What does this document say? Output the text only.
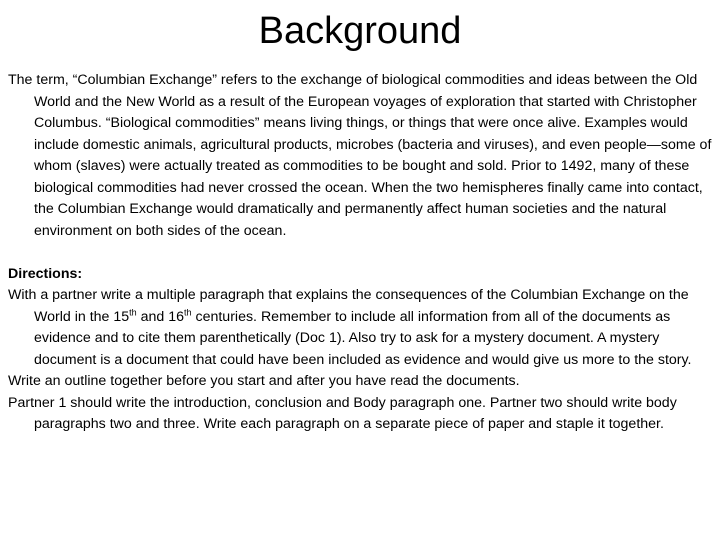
Background

The term, “Columbian Exchange” refers to the exchange of biological commodities and ideas between the Old World and the New World as a result of the European voyages of exploration that started with Christopher Columbus. “Biological commodities” means living things, or things that were once alive. Examples would include domestic animals, agricultural products, microbes (bacteria and viruses), and even people—some of whom (slaves) were actually treated as commodities to be bought and sold. Prior to 1492, many of these biological commodities had never crossed the ocean. When the two hemispheres finally came into contact, the Columbian Exchange would dramatically and permanently affect human societies and the natural environment on both sides of the ocean.

Directions:

With a partner write a multiple paragraph that explains the consequences of the Columbian Exchange on the World in the 15th and 16th centuries. Remember to include all information from all of the documents as evidence and to cite them parenthetically (Doc 1). Also try to ask for a mystery document. A mystery document is a document that could have been included as evidence and would give us more to the story.

Write an outline together before you start and after you have read the documents.

Partner 1 should write the introduction, conclusion and Body paragraph one. Partner two should write body paragraphs two and three. Write each paragraph on a separate piece of paper and staple it together.
